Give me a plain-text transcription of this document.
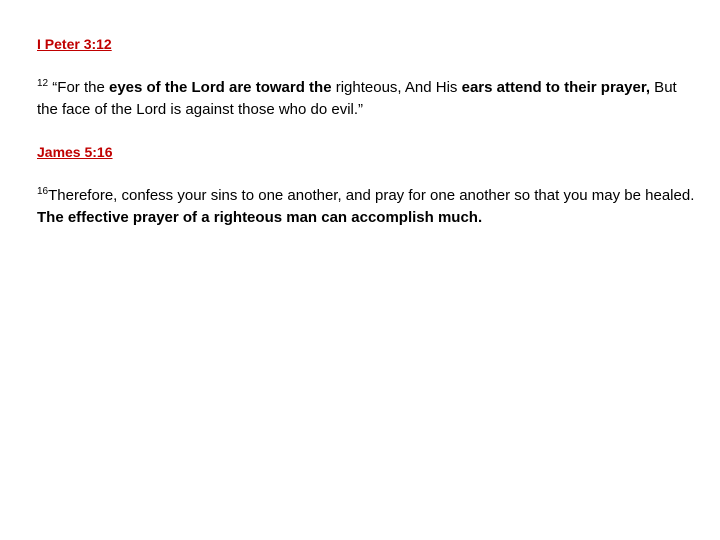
I Peter 3:12
$^{12}$ “For the eyes of the Lord are toward the righteous, And His ears attend to their prayer, But the face of the Lord is against those who do evil.”
James 5:16
$^{16}$Therefore, confess your sins to one another, and pray for one another so that you may be healed. The effective prayer of a righteous man can accomplish much.
